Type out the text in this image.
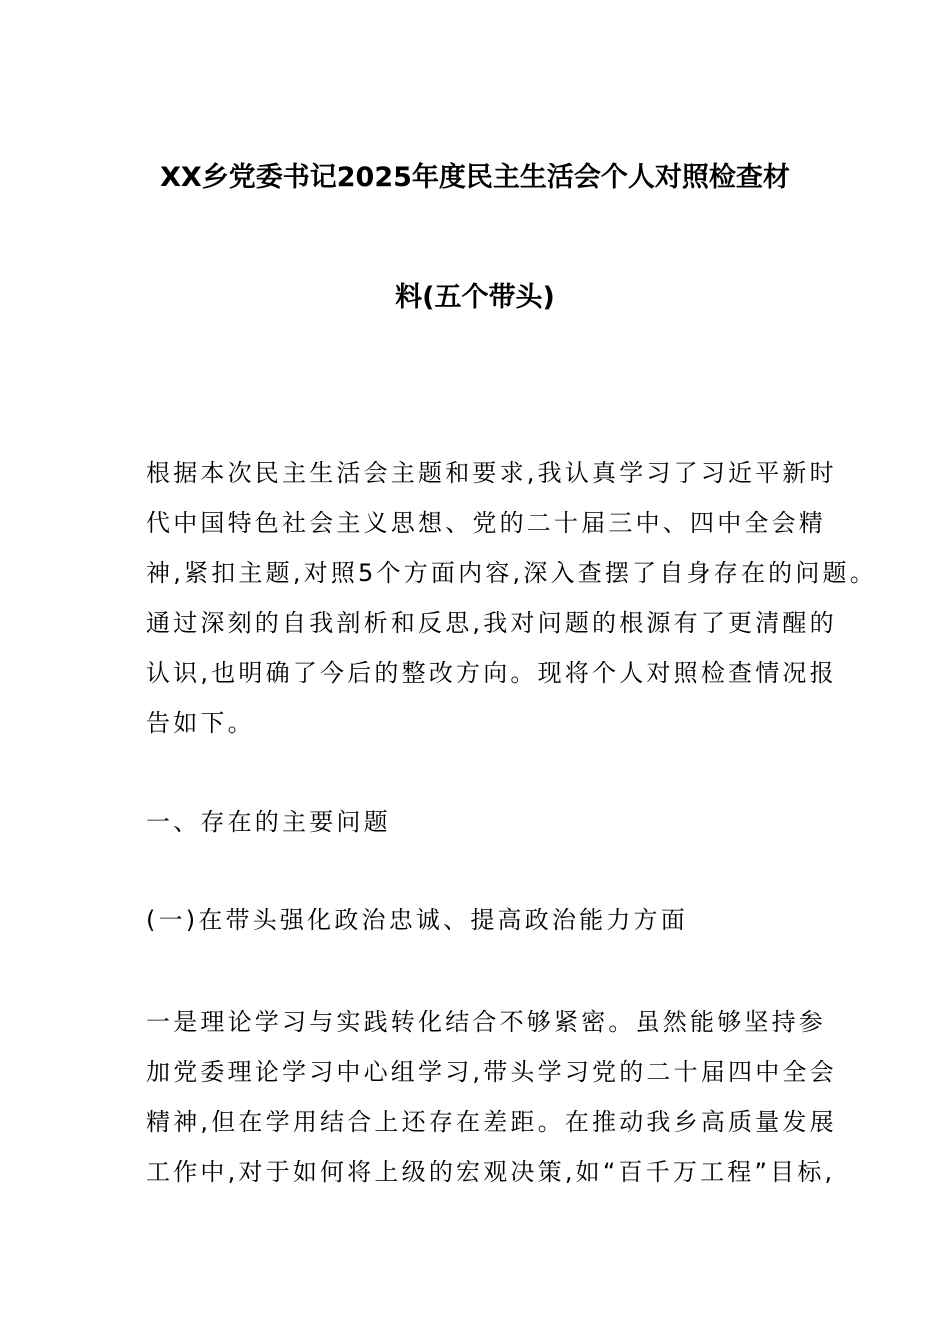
XX乡党委书记2025年度民主生活会个人对照检查材
料(五个带头)
根据本次民主生活会主题和要求,我认真学习了习近平新时
代中国特色社会主义思想、党的二十届三中、四中全会精
神,紧扣主题,对照5个方面内容,深入查摆了自身存在的问题。
通过深刻的自我剖析和反思,我对问题的根源有了更清醒的
认识,也明确了今后的整改方向。现将个人对照检查情况报
告如下。
一、存在的主要问题
(一)在带头强化政治忠诚、提高政治能力方面
一是理论学习与实践转化结合不够紧密。虽然能够坚持参
加党委理论学习中心组学习,带头学习党的二十届四中全会
精神,但在学用结合上还存在差距。在推动我乡高质量发展
工作中,对于如何将上级的宏观决策,如“百千万工程”目标,
